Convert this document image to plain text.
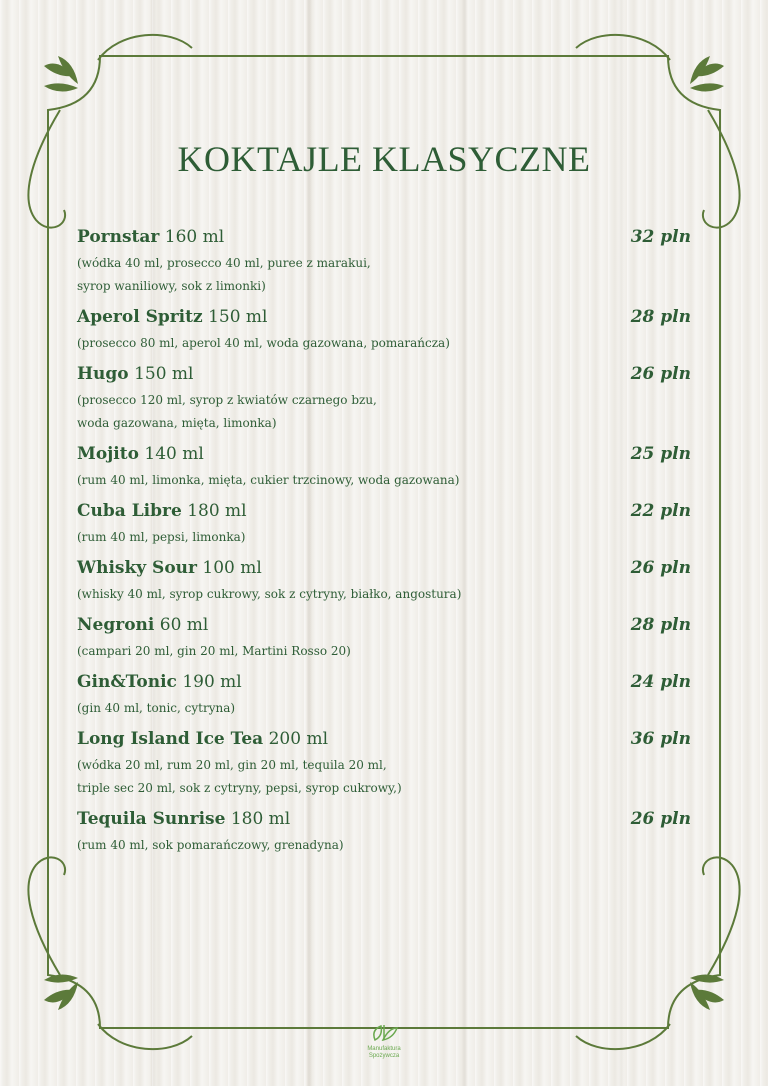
KOKTAJLE KLASYCZNE
Pornstar 160 ml	32 pln
(wódka 40 ml, prosecco 40 ml, puree z marakui,
syrop waniliowy, sok z limonki)
Aperol Spritz 150 ml	28 pln
(prosecco 80 ml, aperol 40 ml, woda gazowana, pomarańcza)
Hugo 150 ml	26 pln
(prosecco 120 ml, syrop z kwiatów czarnego bzu,
woda gazowana, mięta, limonka)
Mojito 140 ml	25 pln
(rum 40 ml, limonka, mięta, cukier trzcinowy, woda gazowana)
Cuba Libre 180 ml	22 pln
(rum 40 ml, pepsi, limonka)
Whisky Sour 100 ml	26 pln
(whisky 40 ml, syrop cukrowy, sok z cytryny, białko, angostura)
Negroni 60 ml	28 pln
(campari 20 ml, gin 20 ml, Martini Rosso 20)
Gin&Tonic 190 ml	24 pln
(gin 40 ml, tonic, cytryna)
Long Island Ice Tea 200 ml	36 pln
(wódka 20 ml, rum 20 ml, gin 20 ml, tequila 20 ml,
triple sec 20 ml, sok z cytryny, pepsi, syrop cukrowy,)
Tequila Sunrise 180 ml	26 pln
(rum 40 ml, sok pomarańczowy, grenadyna)
Manufaktura
Spożywcza
